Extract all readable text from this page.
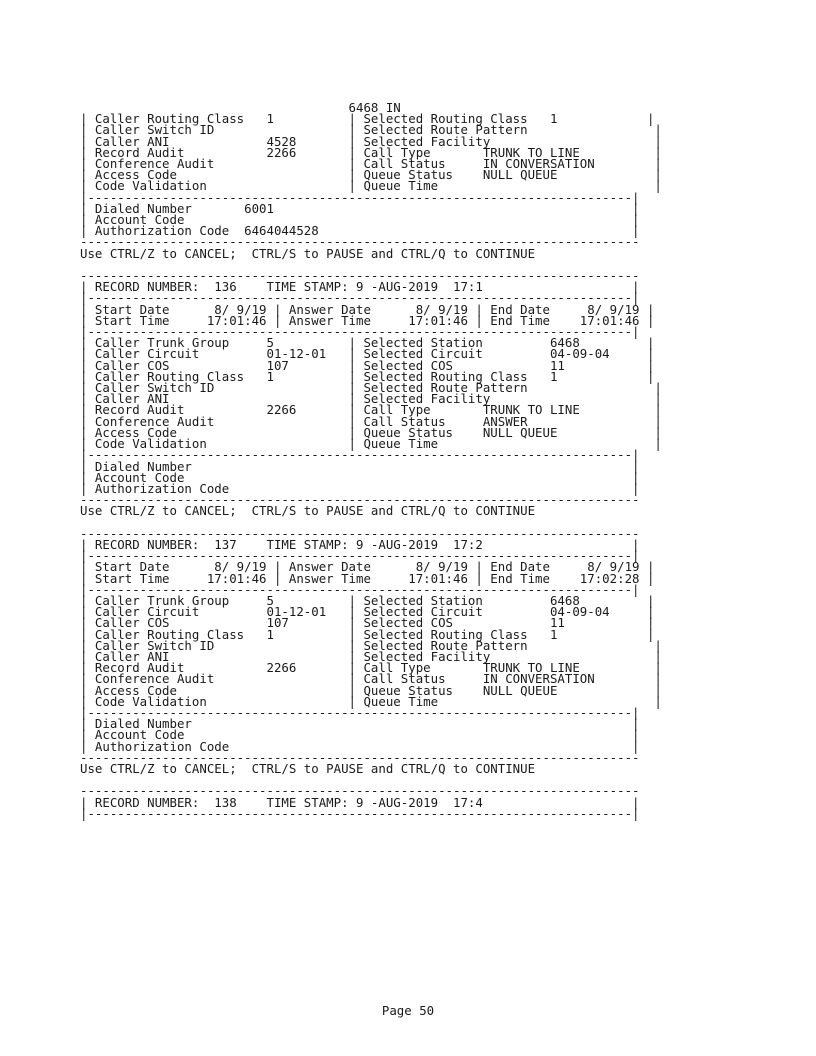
6468 IN
| Caller Routing Class   1          | Selected Routing Class   1            |
| Caller Switch ID                  | Selected Route Pattern                 |
| Caller ANI             4528       | Selected Facility                      |
| Record Audit           2266       | Call Type       TRUNK TO LINE          |
| Conference Audit                  | Call Status     IN CONVERSATION        |
| Access Code                       | Queue Status    NULL QUEUE             |
| Code Validation                   | Queue Time                             |
|-------------------------------------------------------------------------|
| Dialed Number       6001                                                |
| Account Code                                                            |
| Authorization Code  6464044528                                          |
---------------------------------------------------------------------------
Use CTRL/Z to CANCEL;  CTRL/S to PAUSE and CTRL/Q to CONTINUE

---------------------------------------------------------------------------
| RECORD NUMBER:  136    TIME STAMP: 9 -AUG-2019  17:1                    |
|-------------------------------------------------------------------------|
| Start Date      8/ 9/19 | Answer Date      8/ 9/19 | End Date     8/ 9/19 |
| Start Time     17:01:46 | Answer Time     17:01:46 | End Time    17:01:46 |
|-------------------------------------------------------------------------|
| Caller Trunk Group     5          | Selected Station         6468         |
| Caller Circuit         01-12-01   | Selected Circuit         04-09-04     |
| Caller COS             107        | Selected COS             11           |
| Caller Routing Class   1          | Selected Routing Class   1            |
| Caller Switch ID                  | Selected Route Pattern                 |
| Caller ANI                        | Selected Facility                      |
| Record Audit           2266       | Call Type       TRUNK TO LINE          |
| Conference Audit                  | Call Status     ANSWER                 |
| Access Code                       | Queue Status    NULL QUEUE             |
| Code Validation                   | Queue Time                             |
|-------------------------------------------------------------------------|
| Dialed Number                                                           |
| Account Code                                                            |
| Authorization Code                                                      |
---------------------------------------------------------------------------
Use CTRL/Z to CANCEL;  CTRL/S to PAUSE and CTRL/Q to CONTINUE

---------------------------------------------------------------------------
| RECORD NUMBER:  137    TIME STAMP: 9 -AUG-2019  17:2                    |
|-------------------------------------------------------------------------|
| Start Date      8/ 9/19 | Answer Date      8/ 9/19 | End Date     8/ 9/19 |
| Start Time     17:01:46 | Answer Time     17:01:46 | End Time    17:02:28 |
|-------------------------------------------------------------------------|
| Caller Trunk Group     5          | Selected Station         6468         |
| Caller Circuit         01-12-01   | Selected Circuit         04-09-04     |
| Caller COS             107        | Selected COS             11           |
| Caller Routing Class   1          | Selected Routing Class   1            |
| Caller Switch ID                  | Selected Route Pattern                 |
| Caller ANI                        | Selected Facility                      |
| Record Audit           2266       | Call Type       TRUNK TO LINE          |
| Conference Audit                  | Call Status     IN CONVERSATION        |
| Access Code                       | Queue Status    NULL QUEUE             |
| Code Validation                   | Queue Time                             |
|-------------------------------------------------------------------------|
| Dialed Number                                                           |
| Account Code                                                            |
| Authorization Code                                                      |
---------------------------------------------------------------------------
Use CTRL/Z to CANCEL;  CTRL/S to PAUSE and CTRL/Q to CONTINUE

---------------------------------------------------------------------------
| RECORD NUMBER:  138    TIME STAMP: 9 -AUG-2019  17:4                    |
|-------------------------------------------------------------------------|

Page 50
